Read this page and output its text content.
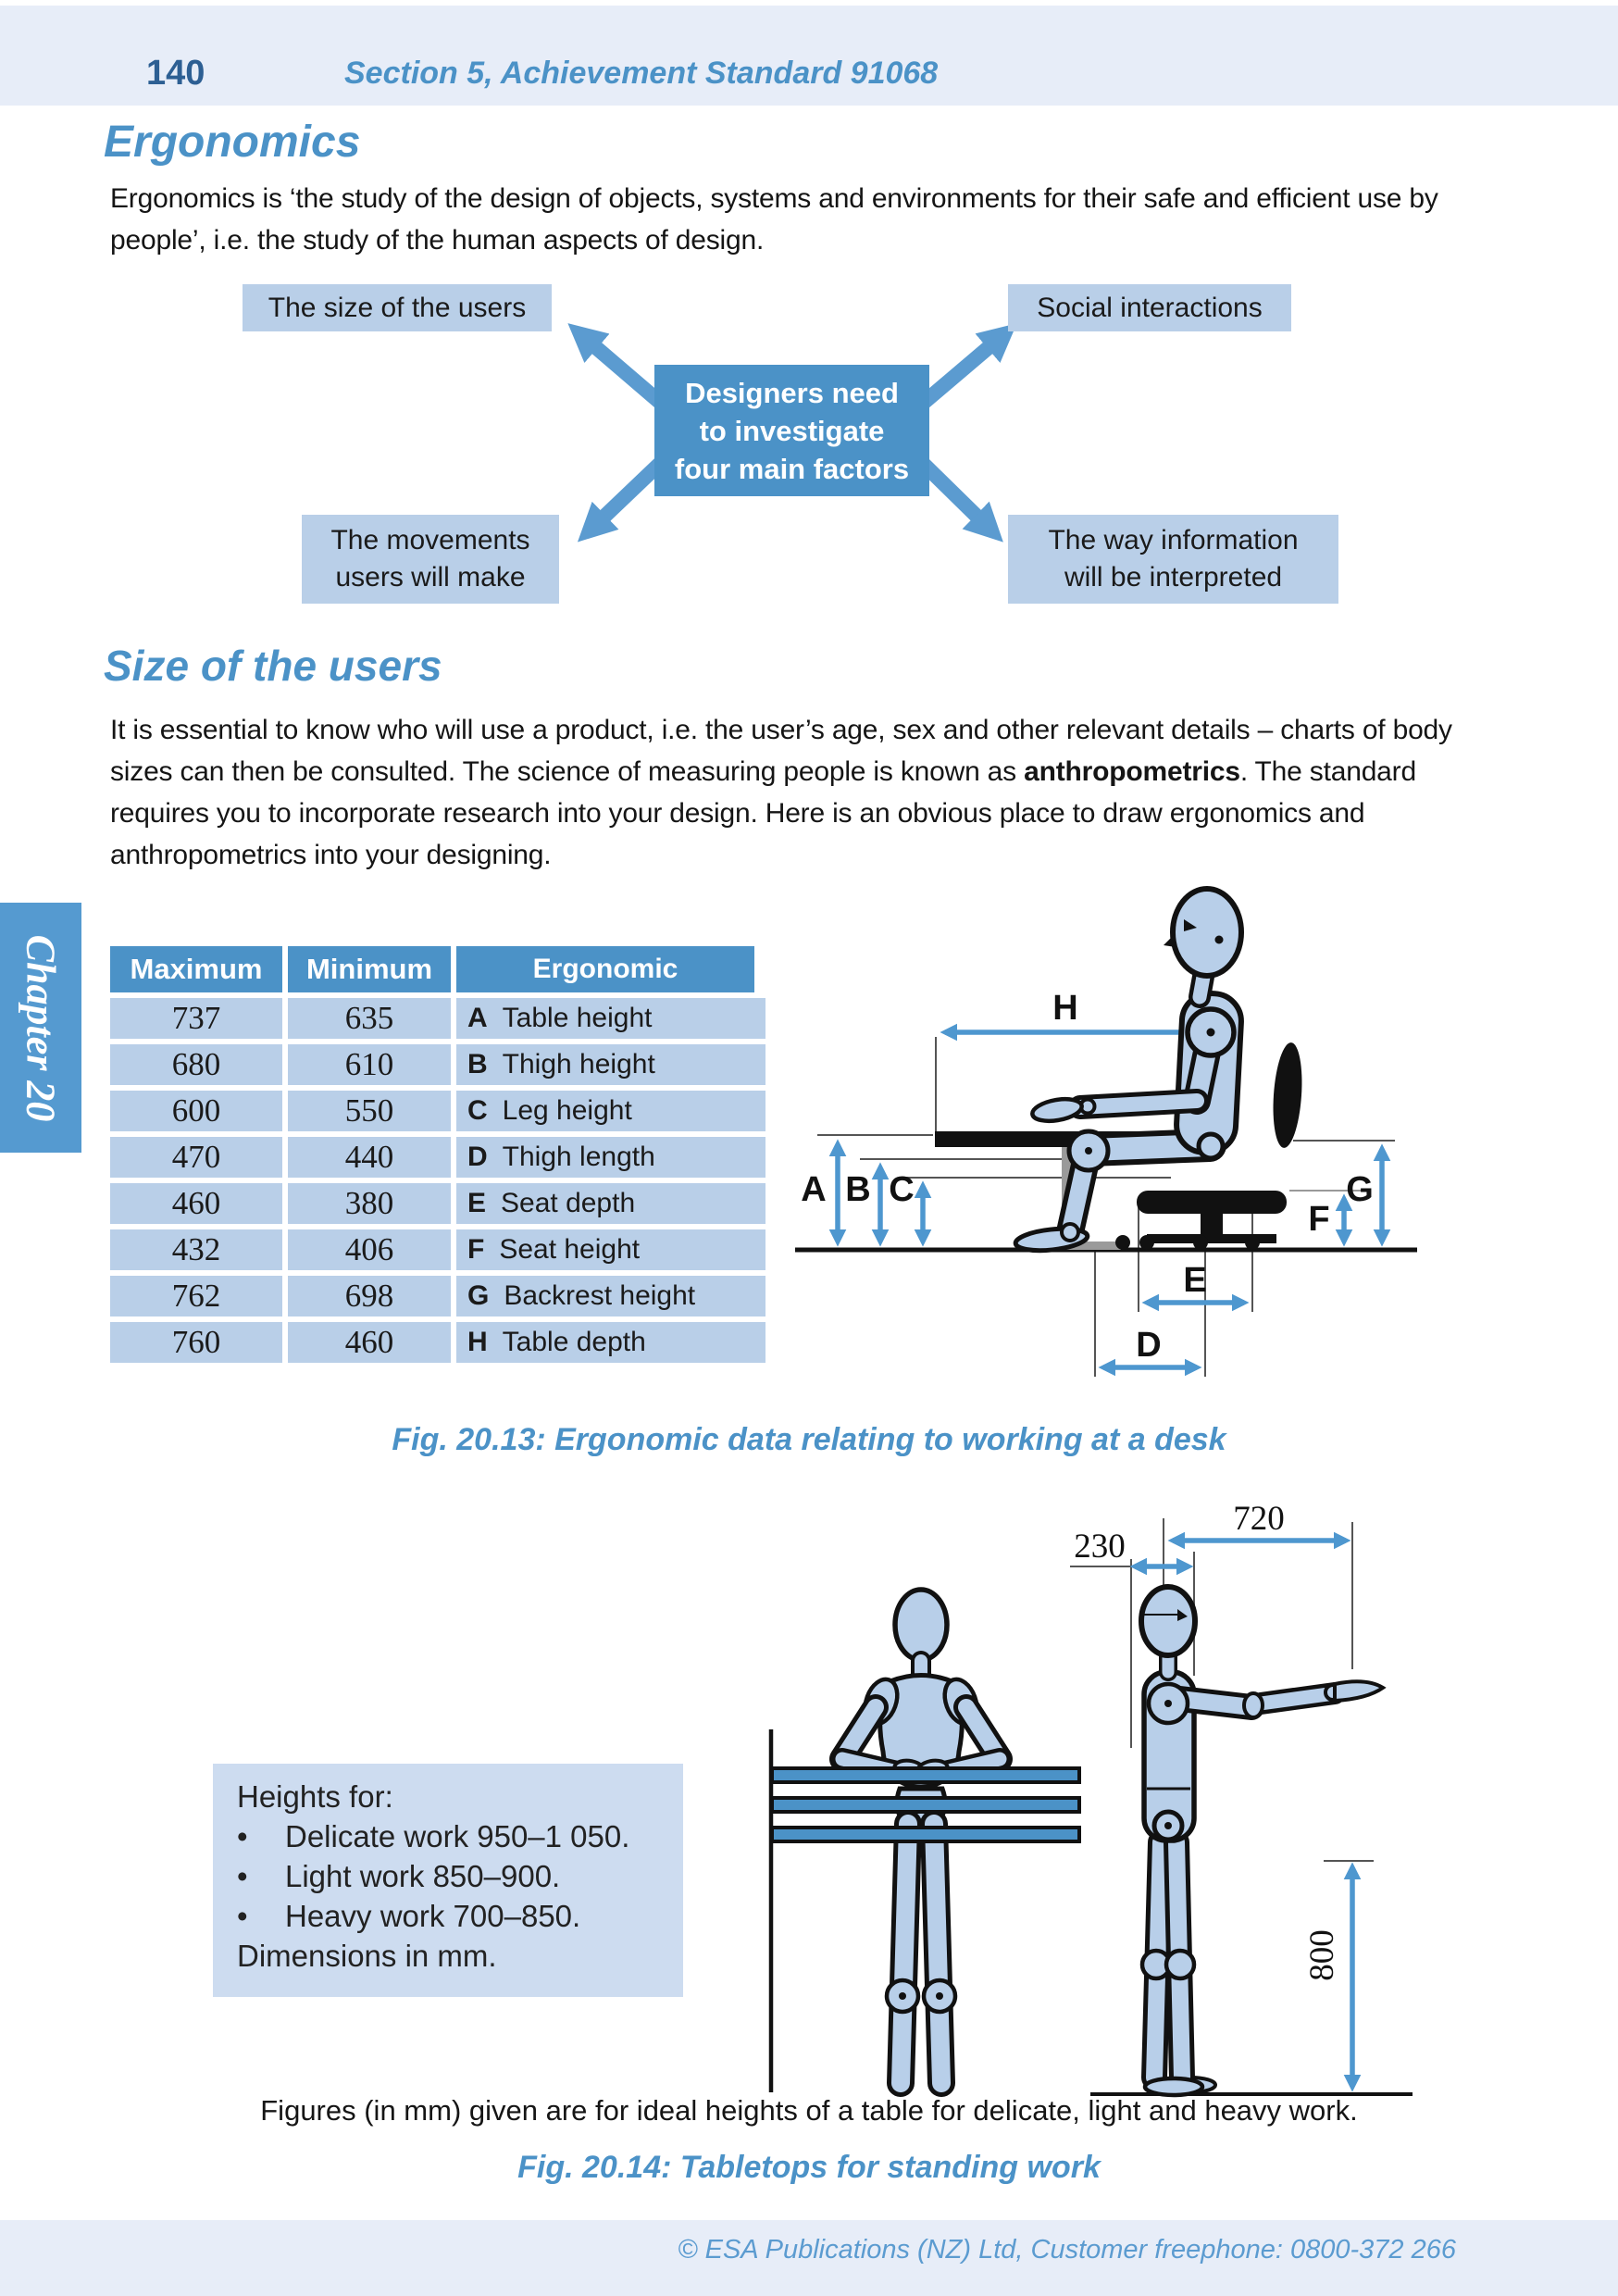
140	Section 5, Achievement Standard 91068
Ergonomics
Ergonomics is ‘the study of the design of objects, systems and environments for their safe and efficient use by people’, i.e. the study of the human aspects of design.
The size of the users	Social interactions
The movements
users will make
The way information
will be interpreted
Designers need
to investigate
four main factors
Size of the users
It is essential to know who will use a product, i.e. the user’s age, sex and other relevant details – charts of body sizes can then be consulted. The science of measuring people is known as anthropometrics. The standard requires you to incorporate research into your design. Here is an obvious place to draw ergonomics and anthropometrics into your designing.
Maximum	Minimum	Ergonomic
737	635	A Table height
680	610	B Thigh height
600	550	C Leg height
470	440	D Thigh length
460	380	E Seat depth
432	406	F Seat height
762	698	G Backrest height
760	460	H Table depth
H
A B C	G
F
E
D
Fig. 20.13: Ergonomic data relating to working at a desk
230
720
800
Heights for:
•	Delicate work 950–1 050.
•	Light work 850–900.
•	Heavy work 700–850.
Dimensions in mm.
Figures (in mm) given are for ideal heights of a table for delicate, light and heavy work.
Fig. 20.14: Tabletops for standing work
Chapter 20
© ESA Publications (NZ) Ltd, Customer freephone: 0800-372 266
